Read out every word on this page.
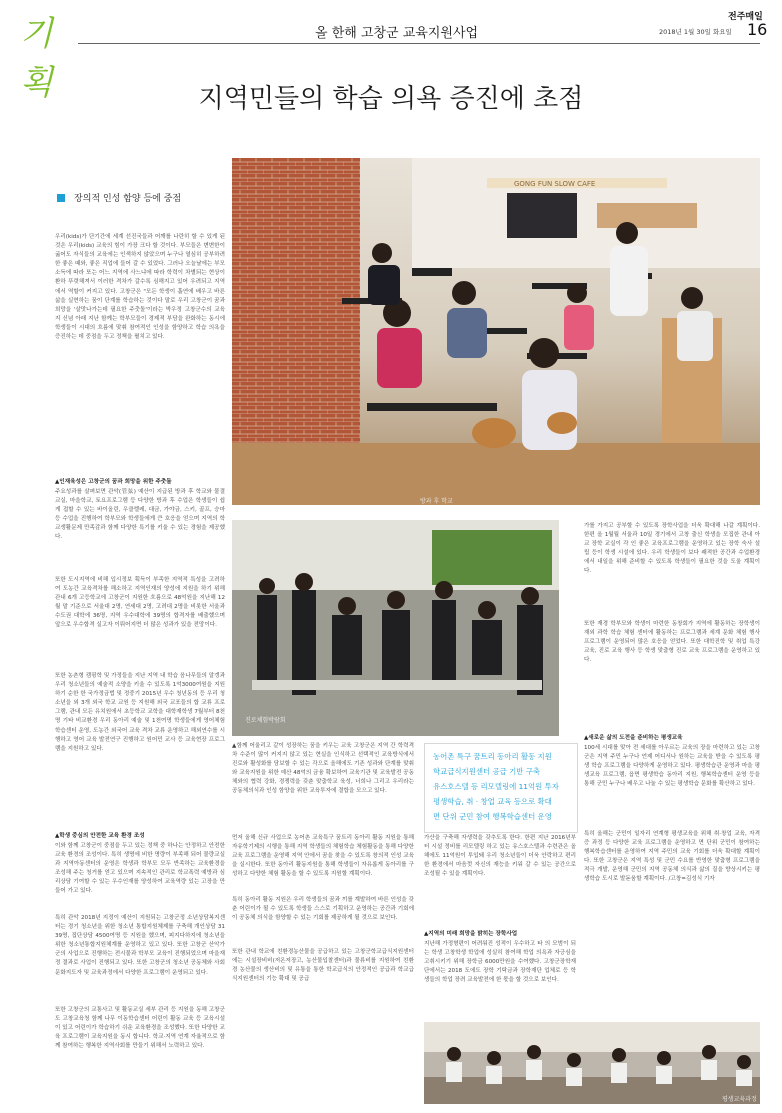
기획
올 한해 고창군 교육지원사업
전주매일
2018년 1월 30일 화요일 16
지역민들의 학습 의욕 증진에 초점
GONG FUN SLOW CAFE
방과 후 학교
장의적 인성 함양 등에 중점
우리(kids)가 단기간에 세계 선진국들과 어깨를 나란히 할 수 있게 된 것은 우리(kids) 교육의 힘이 가장 크다 할 것이다. 부모들은 변변한이 굶어도 자식들의 교육에는 인색하지 않았으며 누구나 열심히 공부하려한 좋은 때와, 좋은 직업에 들어 갈 수 있었다. 그러나 오늘날에는 부모 소득에 따라 또는 어느 지역에 사느냐에 따라 학력이 차별되는 현상이 환하 뚜렷해져서 이러한 격차가 갈수록 심해지고 있어 우려되고 지역에서 역할이 커지고 있다. 고창군은 "모든 학생이 흡연에 배우고 바른 삶을 실현하는 꿈이 단계를 학습하는 것이다 말로 우리 고창군이 꿈과 희망을 '살맛나가는데 필요한 주춧돌'이라는 박우정 고창군수의 교육지 신념 아래 지난 함께는 학부모들이 경제적 부담을 완화하는 동시에 학생들이 시대의 흐름에 맞춰 참여적인 인성을 함양하고 학습 의욕을 증진하는 데 중점을 두고 정책을 펼치고 있다.
▲인재육성은 고창군의 꿈과 희망을 위한 주춧돌
주요성과를 살펴보면 관악(管弦) 예산이 지급된 방과 후 학교와 물결교실, 마을학교, 토요프로그램 등 다양한 방과 후 수업은 학생들이 쉽게 접할 수 있는 바이올린, 우클렐레, 대금, 가야금, 스키, 골프, 승마 등 수업을 진행하여 학부모와 학생들에게 큰 호응을 얻으며 지역의 학교생활문제 만족감과 함께 다양한 특기를 키울 수 있는 경험을 제공했다.
또한 도시지역에 비해 입시정보 획득이 부족한 지역적 특성을 고려하여 도농간 교육격차를 해소하고 지역인재의 양성에 지원을 하기 위해 관내 6개 고등학교에 고창군이 지원한 흐름으로 48억원을 지난해 12월 말 기준으로 서울대 2명, 연세대 2명, 고려대 2명을 비롯한 서울과 수도권 대학에 36명, 지역 우수대학에 39명의 합격자를 배출했으며 앞으로 우수합격 실고자 이뤄어지면 더 많은 성과가 있을 전망이다.
또한 농촌형 캠핑학 및 가정들을 지난 지역 내 학습 음나무들의 알갱과 우리 청소년들의 예술적 소양을 키울 수 있도록 1억3000여원을 지원하기 순한 한 국가정금법 및 정중기 2015년 우수 청년동의 등 우리 청소년을 외 3개 외국 학교 교원 등 지원해 외국 교포들의 합 교류 프로그램, 관내 모든 유치원에서 초등학교 교학을 대학재학생 7월부터 8천명 기타 비교환경 우리 동아리 예술 및 1천여명 학생들에게 영어체험학습센터 운영, 도농간 외국어 교육 격차 교류 운영하고 해외연수를 시행하고 영어 교육 발전연구 진행하고 원어민 교사 등 교육현장 프로그램을 지원하고 있다.
▲학생 중심의 안전한 교육 환경 조성
이와 함께 고창군이 중점을 두고 있는 정책 중 하나는 안정하고 안전한 교육 환경의 조성이다. 특히 생명에 비한 명량이 부족해 되어 물량교실과 지역아동센터의 운영은 학생과 학부모 모두 반족하는 교육환경을 조성해 주는 청거를 얻고 있으며 지속적인 관리로 학교폭력 예방과 심리상담 기여할 수 있는 우수인재를 양성하여 교육역량 있는 고장을 만들어 가고 있다.
특히 관악 2018년 지정이 예산이 지원되는 고창군정 소년상담복지센터는 경기 청소년을 위한 청소년 통합지원체제를 구축해 개인상담 3139명, 집단상담 4500여명 등 지원을 했으며, 피지다하지에 청소년을 위한 청소년통합지원체계를 운영하고 있고 있다. 또한 고창군 산악가군의 사업으로 진행하는 전시물과 학부모 교육이 진행되었으며 마을재정 결과로 사업이 진행되고 있다. 또한 고창군의 청소년 공동체와 사회문화지도자 및 교육과정에서 다양한 프로그램이 운영되고 있다.
또한 고창군의 교통사고 및 활동교실 세부 관리 등 지원을 동해 고창군 도 고창교육청 함께 나무 이동학습센터 어린이 활동 교육 등 교육시설이 있고 어린이가 학습하기 쉬운 교육환경을 조성했다. 또한 다양한 교육 프로그램이 교육지원을 동시 합니다. 학교·지역 연계 자율적으로 함께 참여하는 행복한 지역사회를 만들기 위해서 노력하고 있다.
진로체험박람회
농어촌 특구 꿈트리 동아리 활동 지원
학교급식지원센터 공급 기반 구축
유스호스텔 등 리모델링에 11억원 투자
평생학습, 취 · 창업 교육 등으로 확대
면 단위 군민 참여 행복학습센터 운영
▲함께 어울리고 같이 성장하는 꿈을 키우는 교육 고창군은 지역 간 학력격차 수준이 많이 커지지 않고 있는 현실을 인식하고 선택적인 교육방식에서 진로와 활성화를 담보할 수 있는 각으로 올해에도 기존 성과와 단계를 맞춰와 교육지원을 위한 예산 48억의 금융 확보하여 교육기관 및 교육발전 공동체와의 협력 강화, 경쟁력을 갖춘 맞춤학교 육성, 너희나 그리고 우리라는 공동체의식과 인성 함양을 위한 교육투자에 결합을 모으고 있다.
먼저 올해 신규 사업으로 농어촌 교육특구 꿈트리 동아리 활동 지원을 통해 자유학기제의 시행을 통해 지역 학생들의 체험학습 체험활동을 통해 다양한 교육 프로그램을 운영해 지역 안에서 꿈을 찾을 수 있도록 창의적 인성 교육을 실시한다. 또한 동아리 활동지원을 통해 학생들이 자유롭게 동아리를 구성하고 다양한 체험 활동을 할 수 있도록 지원할 계획이다.
특히 동아리 활동 지원은 우리 학생들의 꿈과 끼를 계발하여 바른 인성을 갖춘 어린이가 될 수 있도록 학생들 스스로 기획하고 운영하는 공간과 기회에 이 공동체 의식을 함양할 수 있는 기회를 제공하게 될 것으로 보인다.
또한 관내 학교에 친환경농산물을 공급하고 있는 고창군학교급식지원센터에는 시설장비비(저온저장고, 농산물입찰센터)과 물류비를 지원하여 친환경 농산물의 생산비의 및 유통을 통한 학교급식의 안정적인 공급과 학교급식지원센터의 기능 확대 및 공급
가산을 구축해 자생력을 갖추도록 한다. 한편 지난 2016년부터 시설 정비를 리모델링 하고 있는 유스호스텔과 수련관은 올해에도 11억원이 투입돼 우리 청소년들이 더욱 안락하고 편리한 환경에서 마음껏 자신의 재능을 키워 갈 수 있는 공간으로 조성될 수 있을 계획이다.
▲지역의 미래 희망을 밝히는 장학사업
지난해 가정형편이 어려워진 성적이 우수하고 타 의 모범이 되는 학생 고창학생 학업에 성실히 참여해 학업 의욕과 자긍심을 고취시키기 위해 장학금 6000만원을 수여했다. 고창군장학재단에서는 2018 도에도 장학 기탁금과 장학재단 업체로 등 학생들의 학업 장려 교육발전에 한 몫을 할 것으로 보인다.
가를 가지고 공부할 수 있도록 장학사업을 더욱 확대해 나갈 계획이다. 한편 올 1월월 서울과 10일 경기에서 고창 출신 학생을 모집한 관내 아교 장학 교실이 각 인 좋은 교육프로그램을 운영하고 있는 장학 숙사 설립 등이 학생 시설에 있다. 우리 학생들이 보다 쾌적한 공간과 수업환경에서 내일을 위해 준비할 수 있도록 학생들이 필요한 것을 도울 계획이다.
또한 재경 학부모와 학생이 마련한 동창회가 지역에 활동하는 장학생이 재외 과학 학습 체험 센터에 활동하는 프로그램과 세계 문화 체험 행사 프로그램이 운영되어 많은 호응을 얻었다. 또한 대학진학 및 취업 특강 교육, 진로 교육 행사 등 학생 맞춤형 진로 교육 프로그램을 운영하고 있다.
▲새로운 삶의 도전을 준비하는 평생교육
100세 시대를 맞아 전 세대를 아우르는 교육의 장을 마련하고 있는 고창군은 지역 주민 누구나 언제 어디서나 원하는 교육을 받을 수 있도록 평생 학습 프로그램을 다양하게 운영하고 있다. 평생학습관 운영과 마을 평생교육 프로그램, 읍면 평생학습 동아리 지원, 행복학습센터 운영 등을 통해 군민 누구나 배우고 나눌 수 있는 평생학습 문화를 확산하고 있다.
특히 올해는 군민이 일자리 연계형 평생교육을 위해 취·창업 교육, 자격증 과정 등 다양한 교육 프로그램을 운영하고 면 단위 군민이 참여하는 행복학습센터를 운영하여 지역 주민의 교육 기회를 더욱 확대할 계획이다. 또한 고창군은 지역 특성 및 군민 수요를 반영한 맞춤형 프로그램을 적극 개발, 운영해 군민의 지역 공동체 의식과 삶의 질을 향상시키는 평생학습 도시로 발돋움할 계획이다. /고창=김성식 기자
평생교육과정
